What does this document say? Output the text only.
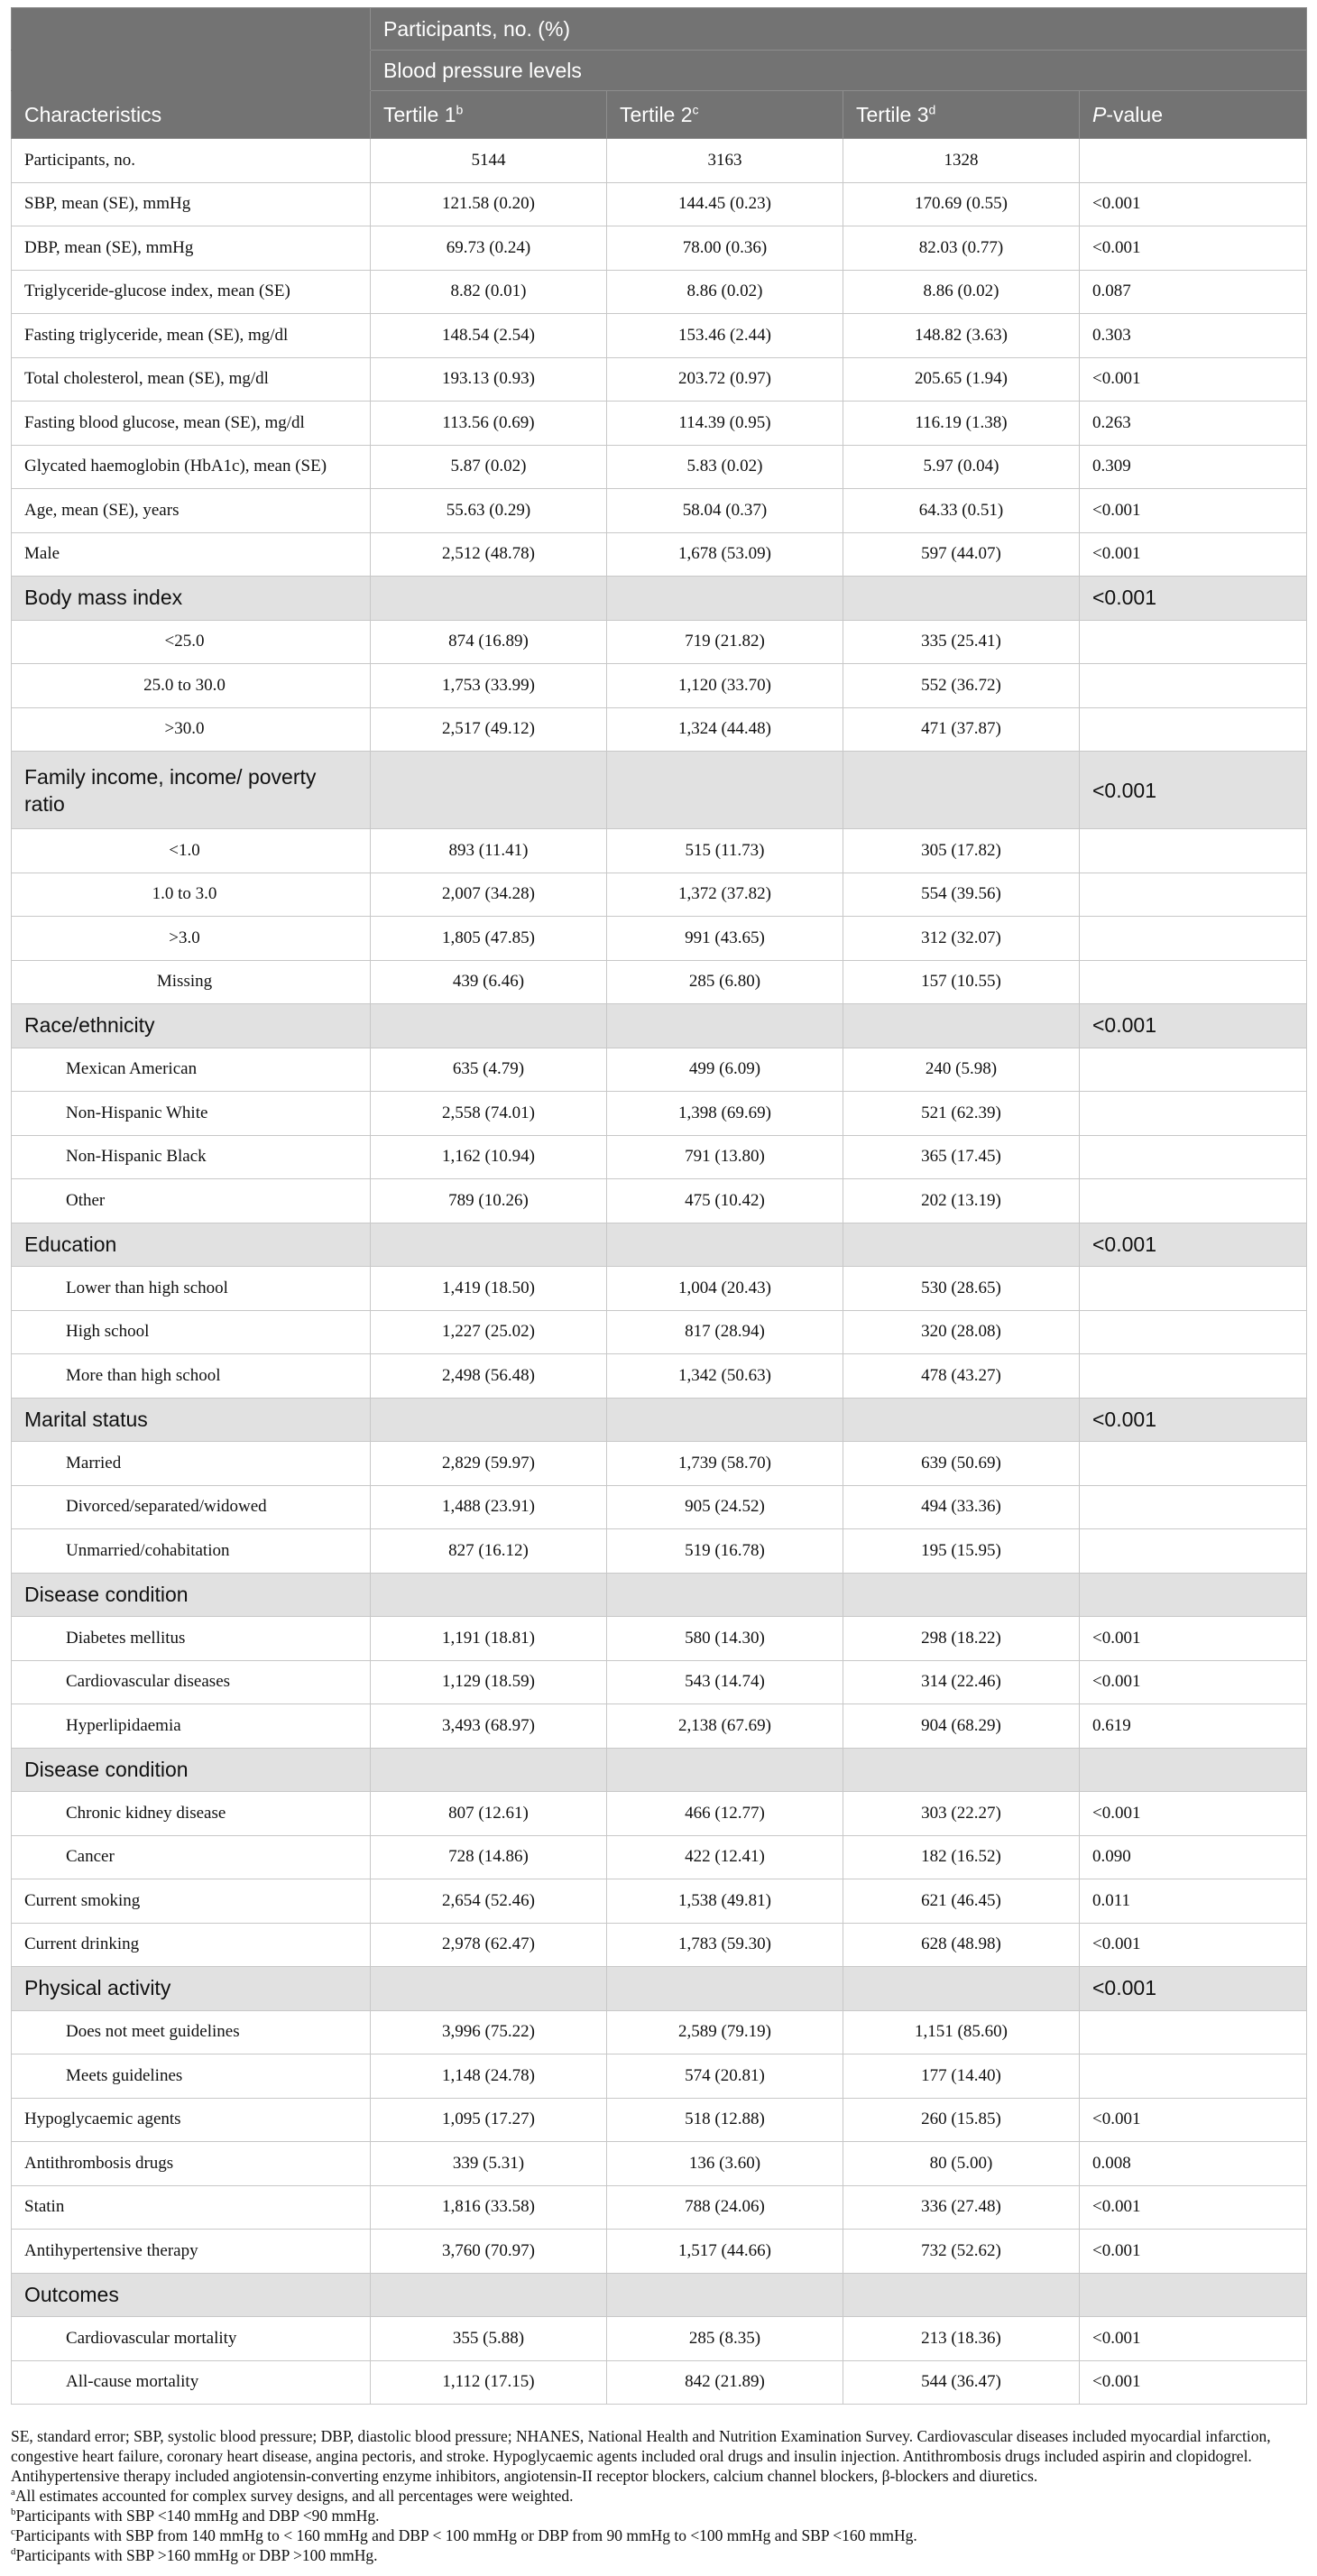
	Participants, no. (%)			
	Blood pressure levels			
Characteristics	Tertile 1$^b$	Tertile 2$^c$	Tertile 3$^d$	P-value
Participants, no.	5144	3163	1328	
SBP, mean (SE), mmHg	121.58 (0.20)	144.45 (0.23)	170.69 (0.55)	<0.001
DBP, mean (SE), mmHg	69.73 (0.24)	78.00 (0.36)	82.03 (0.77)	<0.001
Triglyceride-glucose index, mean (SE)	8.82 (0.01)	8.86 (0.02)	8.86 (0.02)	0.087
Fasting triglyceride, mean (SE), mg/dl	148.54 (2.54)	153.46 (2.44)	148.82 (3.63)	0.303
Total cholesterol, mean (SE), mg/dl	193.13 (0.93)	203.72 (0.97)	205.65 (1.94)	<0.001
Fasting blood glucose, mean (SE), mg/dl	113.56 (0.69)	114.39 (0.95)	116.19 (1.38)	0.263
Glycated haemoglobin (HbA1c), mean (SE)	5.87 (0.02)	5.83 (0.02)	5.97 (0.04)	0.309
Age, mean (SE), years	55.63 (0.29)	58.04 (0.37)	64.33 (0.51)	<0.001
Male	2,512 (48.78)	1,678 (53.09)	597 (44.07)	<0.001
Body mass index				<0.001
<25.0	874 (16.89)	719 (21.82)	335 (25.41)	
25.0 to 30.0	1,753 (33.99)	1,120 (33.70)	552 (36.72)	
>30.0	2,517 (49.12)	1,324 (44.48)	471 (37.87)	
Family income, income/ poverty ratio				<0.001
<1.0	893 (11.41)	515 (11.73)	305 (17.82)	
1.0 to 3.0	2,007 (34.28)	1,372 (37.82)	554 (39.56)	
>3.0	1,805 (47.85)	991 (43.65)	312 (32.07)	
Missing	439 (6.46)	285 (6.80)	157 (10.55)	
Race/ethnicity				<0.001
Mexican American	635 (4.79)	499 (6.09)	240 (5.98)	
Non-Hispanic White	2,558 (74.01)	1,398 (69.69)	521 (62.39)	
Non-Hispanic Black	1,162 (10.94)	791 (13.80)	365 (17.45)	
Other	789 (10.26)	475 (10.42)	202 (13.19)	
Education				<0.001
Lower than high school	1,419 (18.50)	1,004 (20.43)	530 (28.65)	
High school	1,227 (25.02)	817 (28.94)	320 (28.08)	
More than high school	2,498 (56.48)	1,342 (50.63)	478 (43.27)	
Marital status				<0.001
Married	2,829 (59.97)	1,739 (58.70)	639 (50.69)	
Divorced/separated/widowed	1,488 (23.91)	905 (24.52)	494 (33.36)	
Unmarried/cohabitation	827 (16.12)	519 (16.78)	195 (15.95)	
Disease condition				
Diabetes mellitus	1,191 (18.81)	580 (14.30)	298 (18.22)	<0.001
Cardiovascular diseases	1,129 (18.59)	543 (14.74)	314 (22.46)	<0.001
Hyperlipidaemia	3,493 (68.97)	2,138 (67.69)	904 (68.29)	0.619
Disease condition				
Chronic kidney disease	807 (12.61)	466 (12.77)	303 (22.27)	<0.001
Cancer	728 (14.86)	422 (12.41)	182 (16.52)	0.090
Current smoking	2,654 (52.46)	1,538 (49.81)	621 (46.45)	0.011
Current drinking	2,978 (62.47)	1,783 (59.30)	628 (48.98)	<0.001
Physical activity				<0.001
Does not meet guidelines	3,996 (75.22)	2,589 (79.19)	1,151 (85.60)	
Meets guidelines	1,148 (24.78)	574 (20.81)	177 (14.40)	
Hypoglycaemic agents	1,095 (17.27)	518 (12.88)	260 (15.85)	<0.001
Antithrombosis drugs	339 (5.31)	136 (3.60)	80 (5.00)	0.008
Statin	1,816 (33.58)	788 (24.06)	336 (27.48)	<0.001
Antihypertensive therapy	3,760 (70.97)	1,517 (44.66)	732 (52.62)	<0.001
Outcomes				
Cardiovascular mortality	355 (5.88)	285 (8.35)	213 (18.36)	<0.001
All-cause mortality	1,112 (17.15)	842 (21.89)	544 (36.47)	<0.001

SE, standard error; SBP, systolic blood pressure; DBP, diastolic blood pressure; NHANES, National Health and Nutrition Examination Survey. Cardiovascular diseases included myocardial infarction, congestive heart failure, coronary heart disease, angina pectoris, and stroke. Hypoglycaemic agents included oral drugs and insulin injection. Antithrombosis drugs included aspirin and clopidogrel. Antihypertensive therapy included angiotensin-converting enzyme inhibitors, angiotensin-II receptor blockers, calcium channel blockers, β-blockers and diuretics.

$^a$All estimates accounted for complex survey designs, and all percentages were weighted.

$^b$Participants with SBP <140 mmHg and DBP <90 mmHg.

$^c$Participants with SBP from 140 mmHg to < 160 mmHg and DBP < 100 mmHg or DBP from 90 mmHg to <100 mmHg and SBP <160 mmHg.

$^d$Participants with SBP >160 mmHg or DBP >100 mmHg.
